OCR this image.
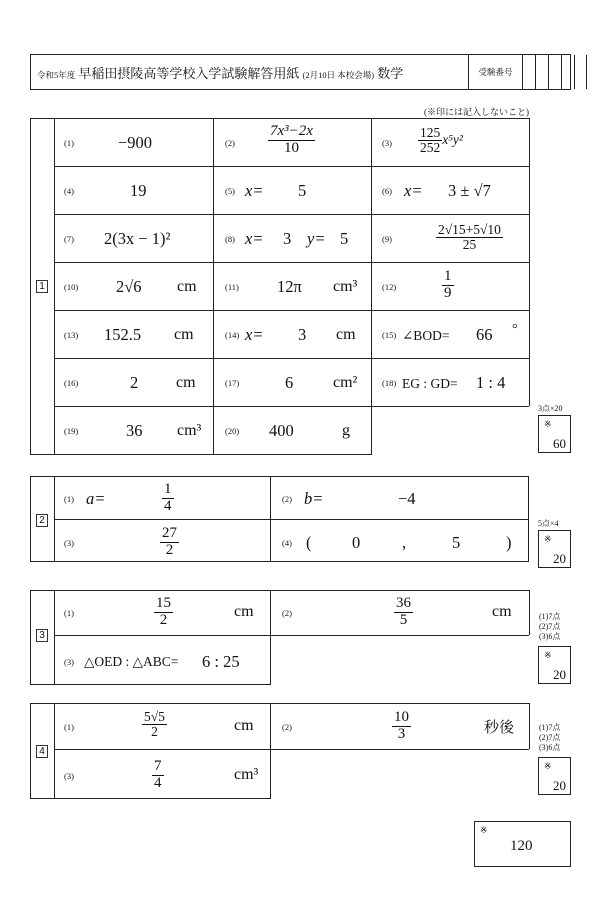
令和5年度 早稲田摂陵高等学校入学試験解答用紙 (2月10日 本校会場) 数学	受験番号
(※印には記入しないこと)
1
(1)	−900	$(2) \frac{\text{7x³−2x}}{10}$	$(3) \frac{125}{252} x^5y^2$
(4)	19	(5) x= 5	(6) x= 3 ± √7
(7) 2(3x − 1)²	(8) x= 3 y= 5	(9)	$\frac{2√15+5√10}{25}$
(10) 2√6 cm	(11) 12π cm³	(12)	$\frac{1}{9}$
(13) 152.5 cm	(14) x= 3 cm	(15) ∠BOD= 66 °
(16)	2 cm	(17)	6 cm²	(18) EG : GD= 1 : 4
(19)	36 cm³	(20) 400	g
3点×20
※
60
2
(1) a=	$\frac{1}{4}$	(2) b=	−4
(3)	$\frac{27}{2}$	(4) ( 0	,	5	)
5点×4
※
20
3
(1)	$\frac{15}{2}$	cm	(2)	$\frac{36}{5}$	cm
(3) △OED : △ABC= 6 : 25
(1)7点
(2)7点
(3)6点
※
20
4
(1)	$\frac{5√5}{2}$	cm	(2)	$\frac{10}{3}$	秒後
(3)	$\frac{7}{4}$	cm³
(1)7点
(2)7点
(3)6点
※
20
※
120
